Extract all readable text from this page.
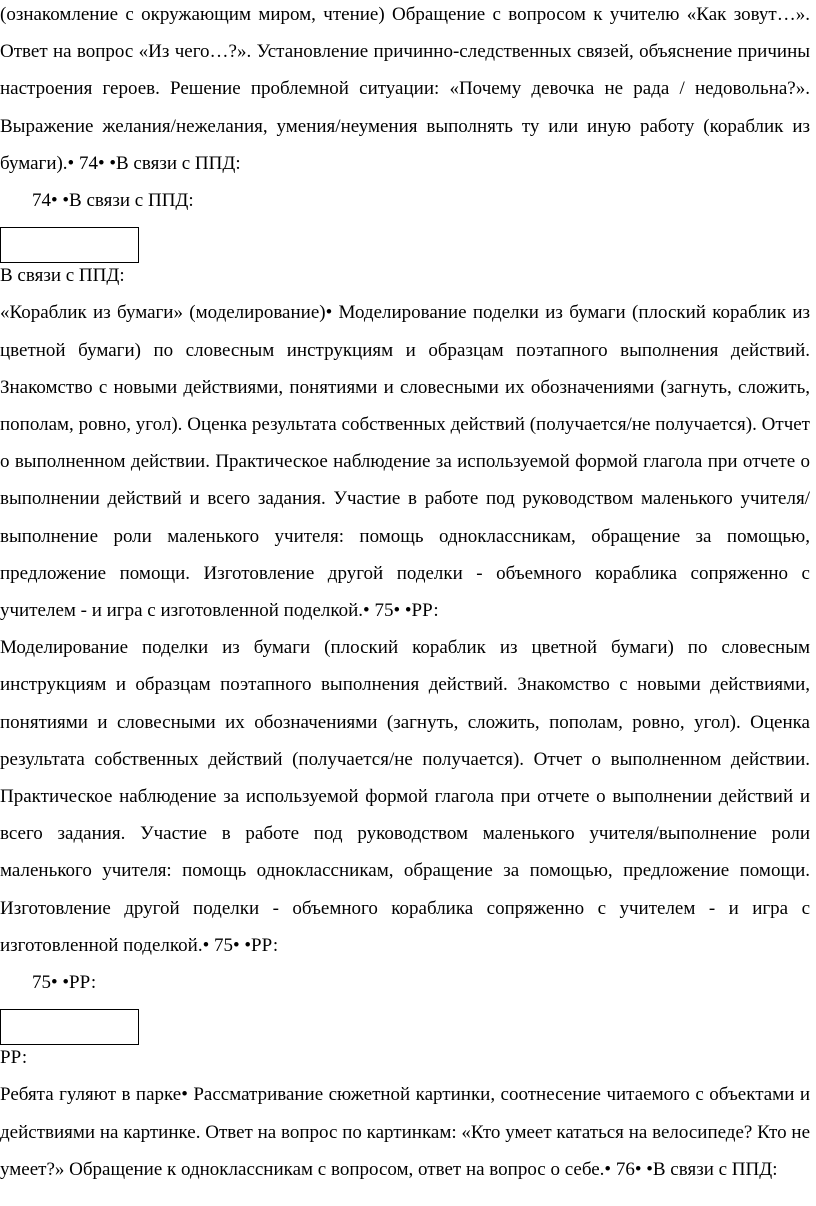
(ознакомление с окружающим миром, чтение) Обращение с вопросом к учителю «Как зовут…». Ответ на вопрос «Из чего…?». Установление причинно-следственных связей, объяснение причины настроения героев. Решение проблемной ситуации: «Почему девочка не рада / недовольна?». Выражение желания/нежелания, умения/неумения выполнять ту или иную работу (кораблик из бумаги).• 74• •В связи с ППД:

74• •В связи с ППД:

В связи с ППД:

«Кораблик из бумаги» (моделирование)• Моделирование поделки из бумаги (плоский кораблик из цветной бумаги) по словесным инструкциям и образцам поэтапного выполнения действий. Знакомство с новыми действиями, понятиями и словесными их обозначениями (загнуть, сложить, пополам, ровно, угол). Оценка результата собственных действий (получается/не получается). Отчет о выполненном действии. Практическое наблюдение за используемой формой глагола при отчете о выполнении действий и всего задания. Участие в работе под руководством маленького учителя/выполнение роли маленького учителя: помощь одноклассникам, обращение за помощью, предложение помощи. Изготовление другой поделки - объемного кораблика сопряженно с учителем - и игра с изготовленной поделкой.• 75• •РР:

Моделирование поделки из бумаги (плоский кораблик из цветной бумаги) по словесным инструкциям и образцам поэтапного выполнения действий. Знакомство с новыми действиями, понятиями и словесными их обозначениями (загнуть, сложить, пополам, ровно, угол). Оценка результата собственных действий (получается/не получается). Отчет о выполненном действии. Практическое наблюдение за используемой формой глагола при отчете о выполнении действий и всего задания. Участие в работе под руководством маленького учителя/выполнение роли маленького учителя: помощь одноклассникам, обращение за помощью, предложение помощи. Изготовление другой поделки - объемного кораблика сопряженно с учителем - и игра с изготовленной поделкой.• 75• •РР:

75• •РР:

РР:

Ребята гуляют в парке• Рассматривание сюжетной картинки, соотнесение читаемого с объектами и действиями на картинке. Ответ на вопрос по картинкам: «Кто умеет кататься на велосипеде? Кто не умеет?» Обращение к одноклассникам с вопросом, ответ на вопрос о себе.• 76• •В связи с ППД:
